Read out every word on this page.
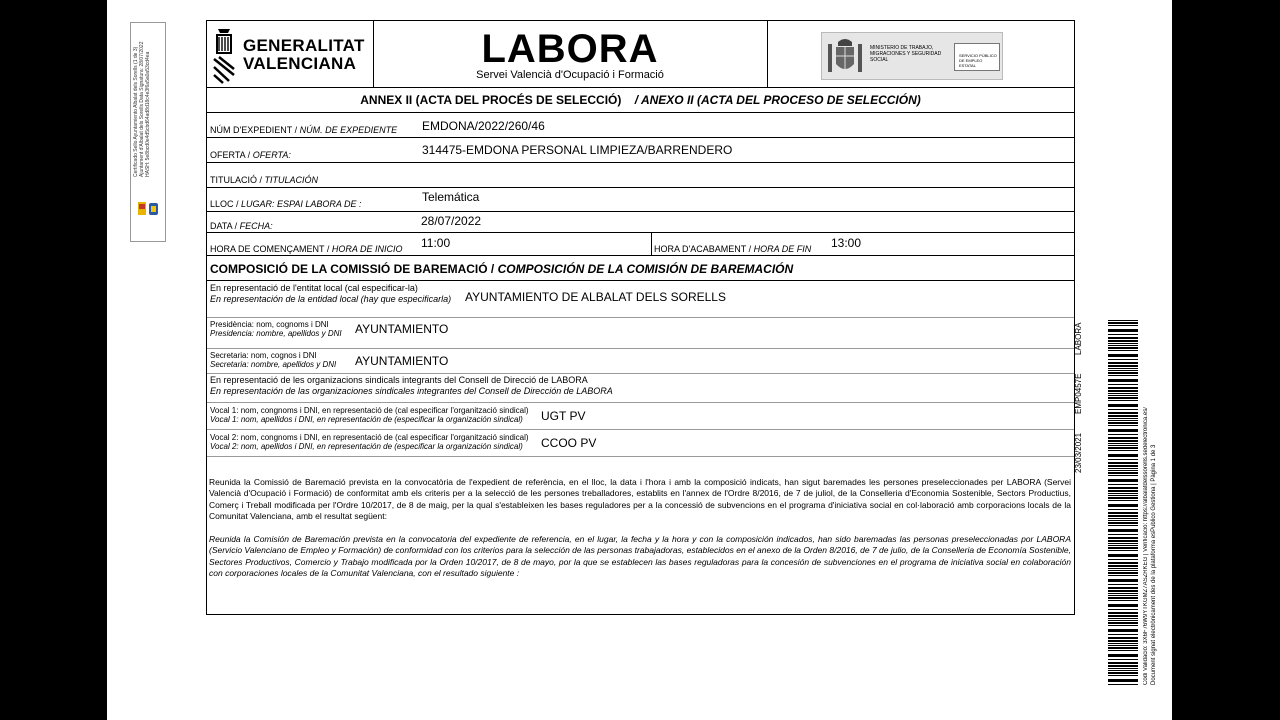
Certificado Sello Ayuntamiento Albalat dels Sorells (1 de 3) Ajuntament d'Albalat dels Sorells Data Signatura: 28/07/2022 HASH: 5e8bcd0e4d5cbd64ad8d18c4e3f6a5a0a53cd4ea
GENERALITAT
VALENCIANA	LABORA
Servei Valencià d'Ocupació i Formació
MINISTERIO DE TRABAJO, MIGRACIONES Y SEGURIDAD SOCIAL
SERVICIO PÚBLICO DE EMPLEO ESTATAL
ANNEX II (ACTA DEL PROCÉS DE SELECCIÓ) / ANEXO II (ACTA DEL PROCESO DE SELECCIÓN)
NÚM D'EXPEDIENT / NÚM. DE EXPEDIENTE EMDONA/2022/260/46
OFERTA / OFERTA:	314475-EMDONA PERSONAL LIMPIEZA/BARRENDERO
TITULACIÓ / TITULACIÓN
LLOC / LUGAR: ESPAI LABORA DE :	Telemática
DATA / FECHA:	28/07/2022
HORA DE COMENÇAMENT / HORA DE INICIO 11:00	HORA D'ACABAMENT / HORA DE FIN 13:00
COMPOSICIÓ DE LA COMISSIÓ DE BAREMACIÓ / COMPOSICIÓN DE LA COMISIÓN DE BAREMACIÓN
En representació de l'entitat local (cal especificar-la)
En representación de la entidad local (hay que especificarla) AYUNTAMIENTO DE ALBALAT DELS SORELLS
Presidència: nom, cognoms i DNI
Presidencia: nombre, apellidos y DNI AYUNTAMIENTO
Secretaria: nom, cognos i DNI
Secretaria: nombre, apellidos y DNI AYUNTAMIENTO
En representació de les organizacions sindicals integrants del Consell de Direcció de LABORA
En representación de las organizaciones sindicales integrantes del Consell de Dirección de LABORA
Vocal 1: nom, congnoms i DNI, en representació de (cal especificar l'organització sindical)
Vocal 1: nom, apellidos i DNI, en representación de (especificar la organización sindical)	UGT PV
Vocal 2: nom, congnoms i DNI, en representació de (cal especificar l'organització sindical)
Vocal 2: nom, apellidos i DNI, en representación de (especificar la organización sindical)	CCOO PV
Reunida la Comissió de Baremació prevista en la convocatòria de l'expedient de referència, en el lloc, la data i l'hora i amb la composició indicats, han sigut baremades les persones preseleccionades per LABORA (Servei Valencià d'Ocupació i Formació) de conformitat amb els criteris per a la selecció de les persones treballadores, establits en l'annex de l'Ordre 8/2016, de 7 de juliol, de la Conselleria d'Economia Sostenible, Sectors Productius, Comerç i Treball modificada per l'Ordre 10/2017, de 8 de maig, per la qual s'estableixen les bases reguladores per a la concessió de subvencions en el programa d'iniciativa social en col·laboració amb corporacions locals de la Comunitat Valenciana, amb el resultat següent:
Reunida la Comisión de Baremación prevista en la convocatoria del expediente de referencia, en el lugar, la fecha y la hora y con la composición indicados, han sido baremadas las personas preseleccionadas por LABORA (Servicio Valenciano de Empleo y Formación) de conformidad con los criterios para la selección de las personas trabajadoras, establecidos en el anexo de la Orden 8/2016, de 7 de julio, de la Conselleria de Economía Sostenible, Sectores Productivos, Comercio y Trabajo modificada por la Orden 10/2017, de 8 de mayo, por la que se establecen las bases reguladoras para la concesión de subvenciones en el programa de iniciativa social en colaboración con corporaciones locales de la Comunitat Valenciana, con el resultado siguiente :
23/03/2021
EMP0457E
LABORA
Codi Validació: 3X6F76W9YTKGMZ7ASZRKEG | Verificació: https://albalatdelssorells.sedelectronica.es/ Document signat electrònicament des de la plataforma esPublico Gestiona | Pàgina 1 de 3
